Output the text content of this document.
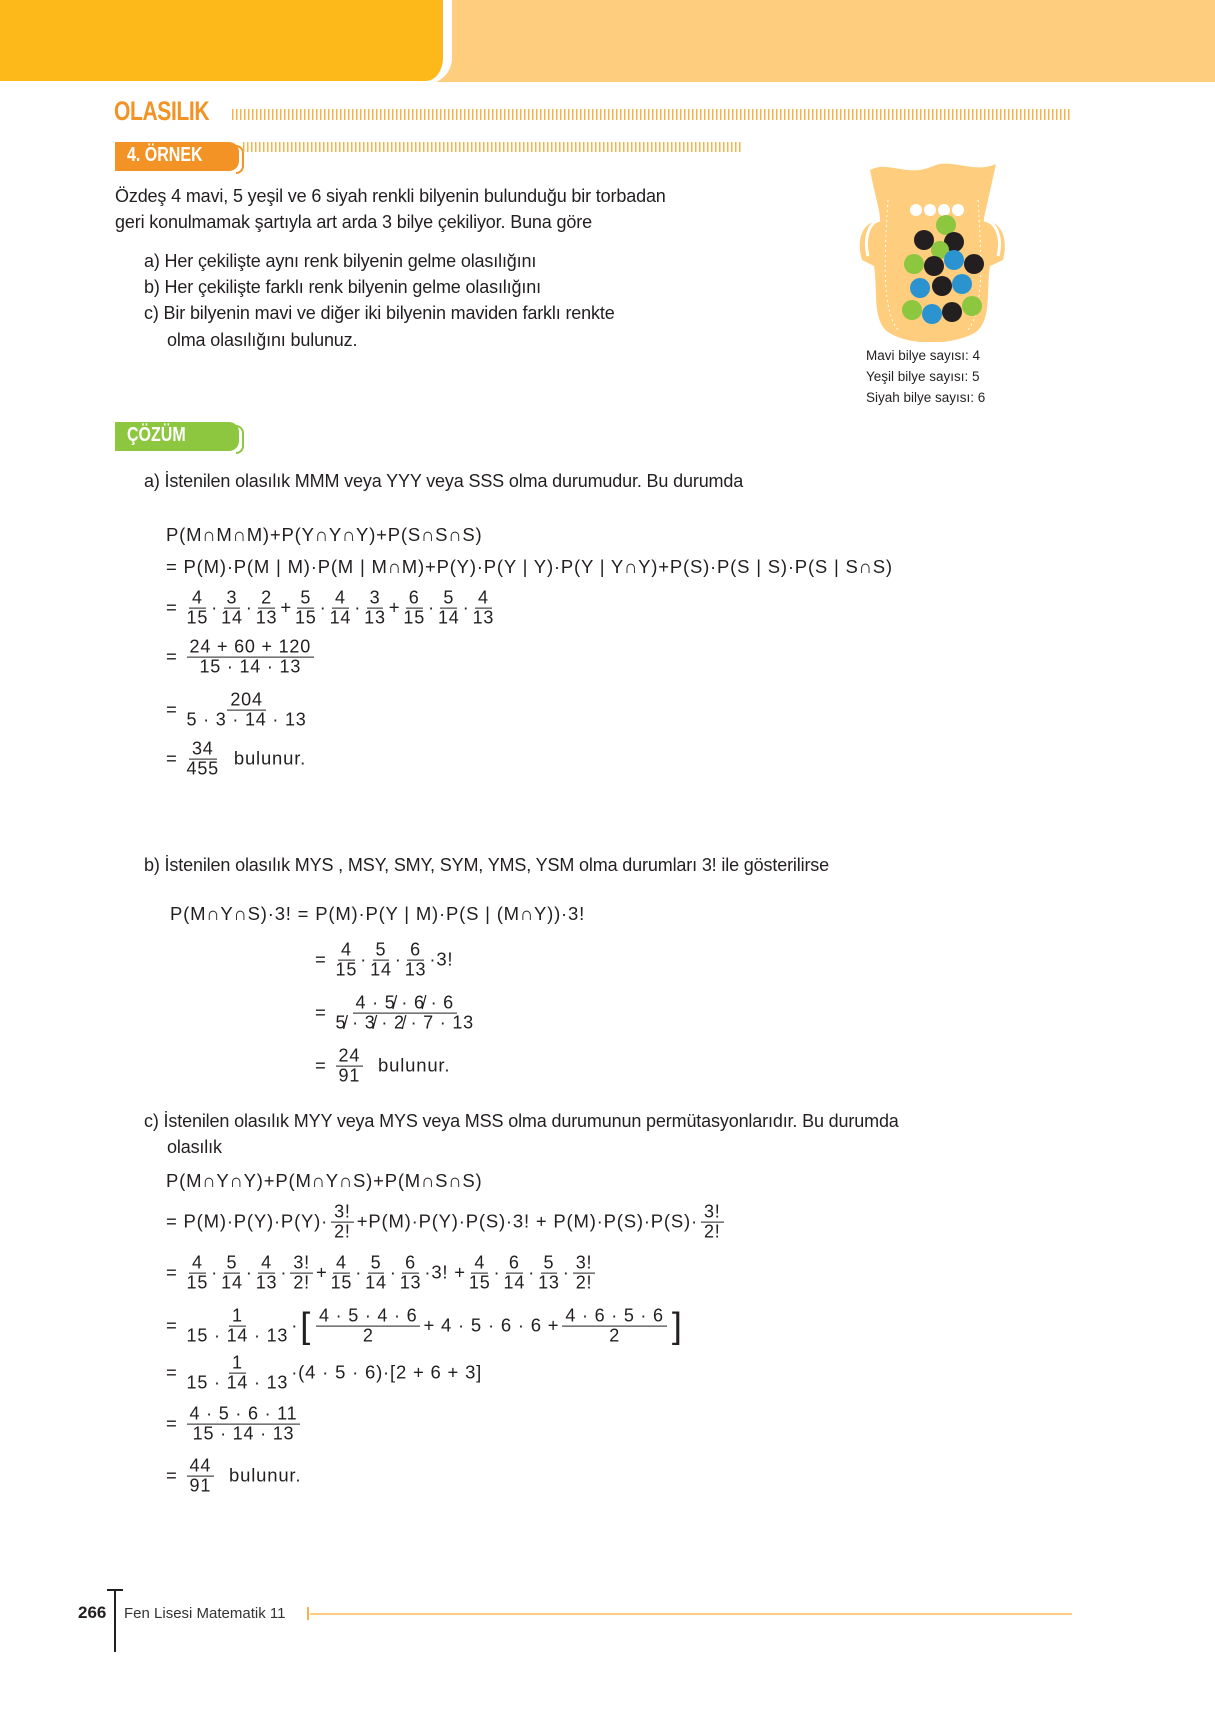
OLASILIK
4. ÖRNEK
Özdeş 4 mavi, 5 yeşil ve 6 siyah renkli bilyenin bulunduğu bir torbadan
geri konulmamak şartıyla art arda 3 bilye çekiliyor. Buna göre
a) Her çekilişte aynı renk bilyenin gelme olasılığını
b) Her çekilişte farklı renk bilyenin gelme olasılığını
c) Bir bilyenin mavi ve diğer iki bilyenin maviden farklı renkte
olma olasılığını bulunuz.
Mavi bilye sayısı: 4
Yeşil bilye sayısı: 5
Siyah bilye sayısı: 6
ÇÖZÜM
a) İstenilen olasılık MMM veya YYY veya SSS olma durumudur. Bu durumda
P(M∩M∩M)+P(Y∩Y∩Y)+P(S∩S∩S)
= P(M)·P(M | M)·P(M | M∩M)+P(Y)·P(Y | Y)·P(Y | Y∩Y)+P(S)·P(S | S)·P(S | S∩S)
= $\frac{4}{15} \cdot \frac{3}{14} \cdot \frac{2}{13} + \frac{5}{15} \cdot \frac{4}{14} \cdot \frac{3}{13} + \frac{6}{15} \cdot \frac{5}{14} \cdot \frac{4}{13}$
= $\frac{24 + 60 + 120}{15 \cdot 14 \cdot 13}$
= $\frac{204}{5 \cdot 3 \cdot 14 \cdot 13}$
= $\frac{34}{455}$ bulunur.
b) İstenilen olasılık MYS , MSY, SMY, SYM, YMS, YSM olma durumları 3! ile gösterilirse
P(M∩Y∩S)·3! = P(M)·P(Y | M)·P(S | (M∩Y))·3!
= $\frac{4}{15} \cdot \frac{5}{14} \cdot \frac{6}{13} \cdot 3$!
= $\frac{4 \cdot 5̸ \cdot 6̸ \cdot 6}{5̸ \cdot 3̸ \cdot 2̸ \cdot 7 \cdot 13}$
= $\frac{24}{91}$ bulunur.
c) İstenilen olasılık MYY veya MYS veya MSS olma durumunun permütasyonlarıdır. Bu durumda
olasılık
P(M∩Y∩Y)+P(M∩Y∩S)+P(M∩S∩S)
= $P(M)\cdot P(Y)\cdot P(Y)\cdot \frac{3!}{2!} +P(M)\cdot P(Y)\cdot P(S)\cdot 3$! + $P(M)\cdot P(S)\cdot P(S)\cdot \frac{3!}{2!}$
= $\frac{4}{15} \cdot \frac{5}{14} \cdot \frac{4}{13} \cdot \frac{3!}{2!} + \frac{4}{15} \cdot \frac{5}{14} \cdot \frac{6}{13} \cdot 3$! + $\frac{4}{15} \cdot \frac{6}{14} \cdot \frac{5}{13} \cdot \frac{3!}{2!}$
= $\frac{1}{15 \cdot 14 \cdot 13}$ · [ $\frac{4 \cdot 5 \cdot 4 \cdot 6}{2} + 4 \cdot 5 \cdot 6 \cdot 6 + \frac{4 \cdot 6 \cdot 5 \cdot 6}{2}$ ]
= $\frac{1}{15 \cdot 14 \cdot 13} \cdot(4 \cdot 5 \cdot 6)\cdot[2 + 6 + 3]$
= $\frac{4 \cdot 5 \cdot 6 \cdot 11}{15 \cdot 14 \cdot 13}$
= $\frac{44}{91}$ bulunur.
266 Fen Lisesi Matematik 11
